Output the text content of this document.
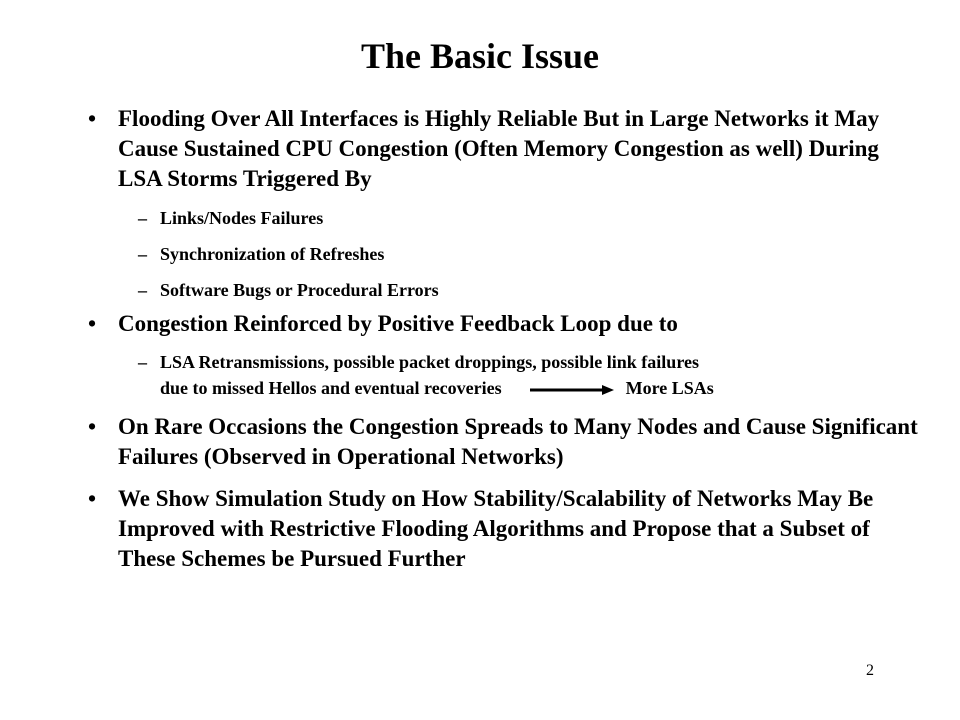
The Basic Issue
• Flooding Over All Interfaces is Highly Reliable But in Large Networks it May Cause Sustained CPU Congestion (Often Memory Congestion as well) During LSA Storms Triggered By
– Links/Nodes Failures
– Synchronization of Refreshes
– Software Bugs or Procedural Errors
• Congestion Reinforced by Positive Feedback Loop due to
– LSA Retransmissions, possible packet droppings, possible link failures
due to missed Hellos and eventual recoveries	More LSAs
• On Rare Occasions the Congestion Spreads to Many Nodes and Cause Significant Failures (Observed in Operational Networks)
• We Show Simulation Study on How Stability/Scalability of Networks May Be Improved with Restrictive Flooding Algorithms and Propose that a Subset of These Schemes be Pursued Further
2
